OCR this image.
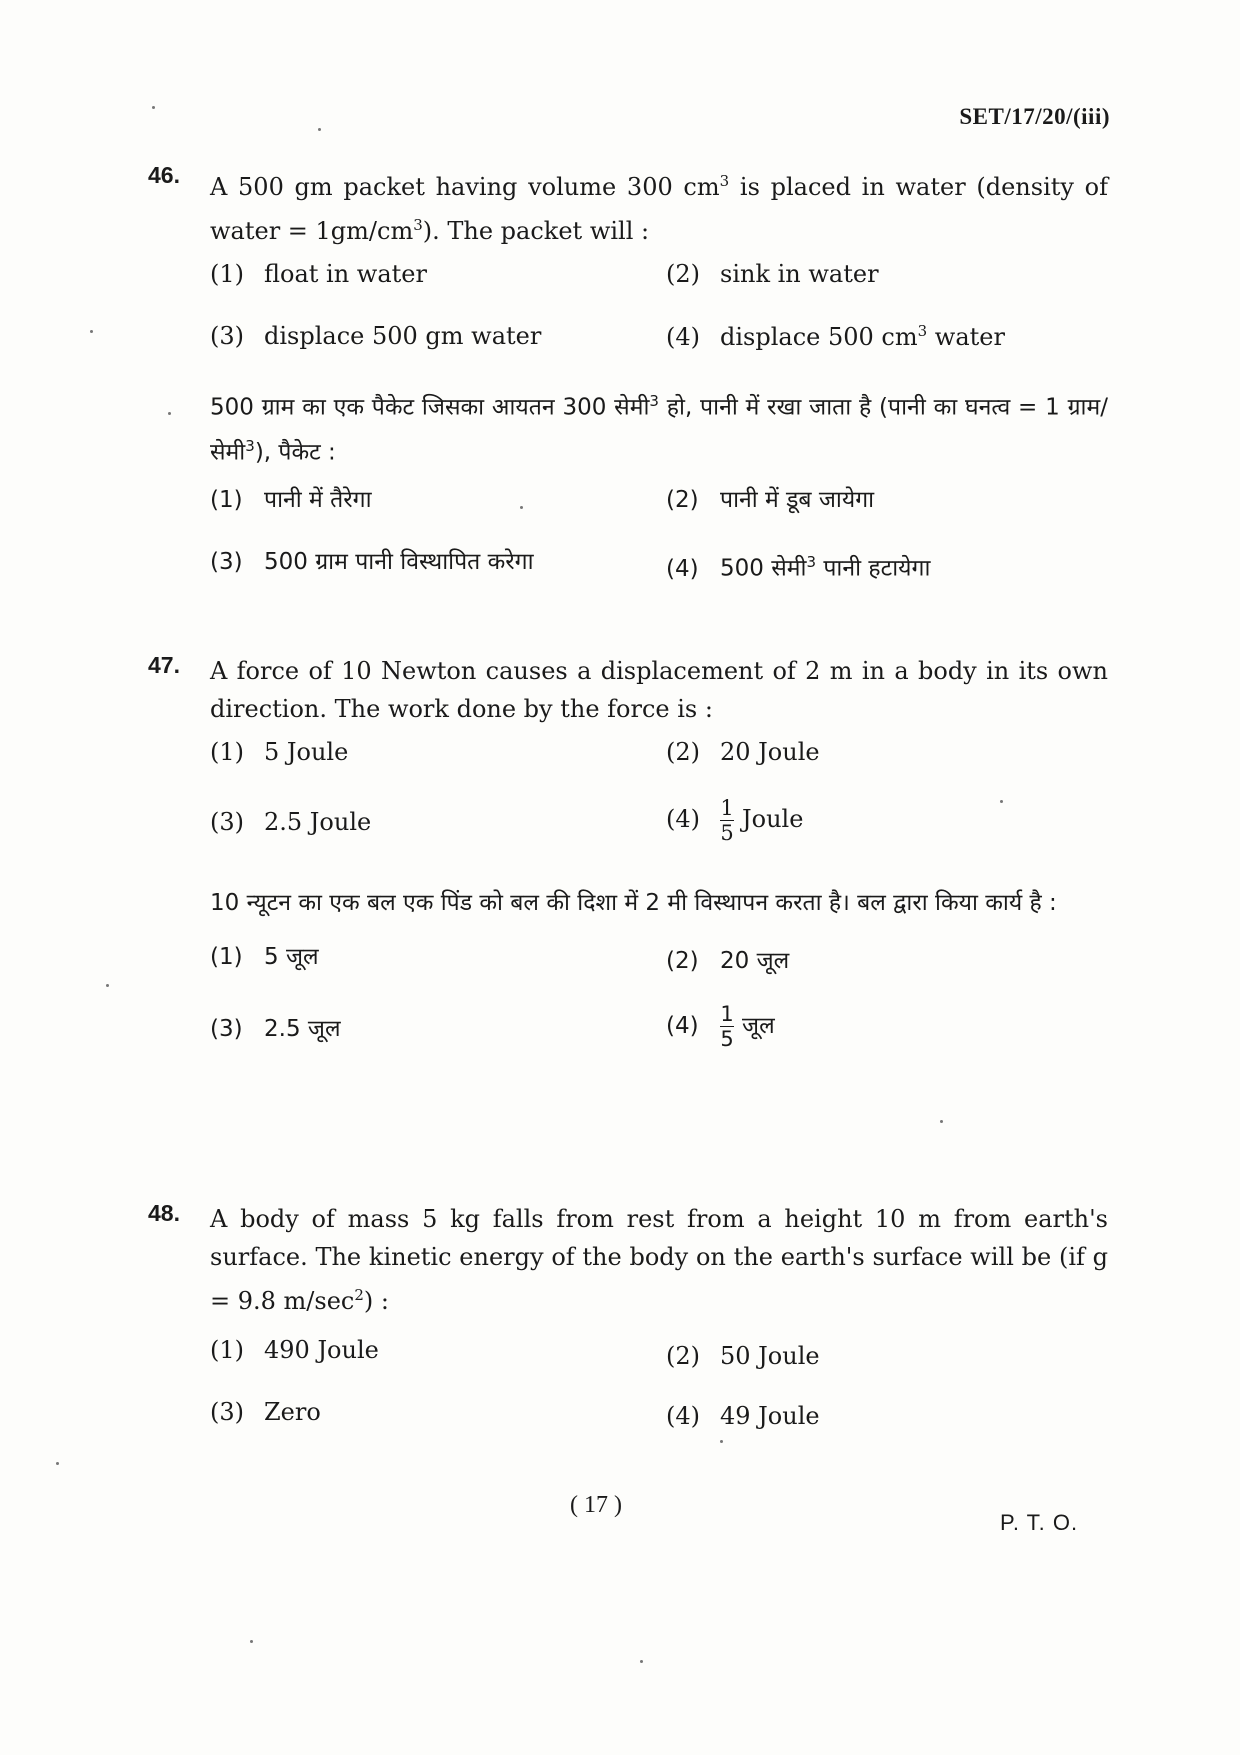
SET/17/20/(iii)
46. A 500 gm packet having volume 300 $cm^3$ is placed in water (density of water = $1gm/cm^3$). The packet will :
(1) float in water	(2) sink in water
(3) displace 500 gm water	(4) displace 500 $cm^3$ water
500 ग्राम का एक पैकेट जिसका आयतन 300 सेमी$^3$ हो, पानी में रखा जाता है (पानी का घनत्व = 1 ग्राम/सेमी$^3$), पैकेट :
(1) पानी में तैरेगा	(2) पानी में डूब जायेगा
(3) 500 ग्राम पानी विस्थापित करेगा	(4) 500 सेमी$^3$ पानी हटायेगा
47. A force of 10 Newton causes a displacement of 2 m in a body in its own direction. The work done by the force is :
(1) 5 Joule	(2) 20 Joule
(3) 2.5 Joule	$(4) \frac{1}{5}$ Joule
10 न्यूटन का एक बल एक पिंड को बल की दिशा में 2 मी विस्थापन करता है। बल द्वारा किया कार्य है :
(1) 5 जूल	(2) 20 जूल
(3) 2.5 जूल	$(4) \frac{1}{5}$ जूल
48. A body of mass 5 kg falls from rest from a height 10 m from earth's surface. The kinetic energy of the body on the earth's surface will be (if g = 9.8 $m/\sec^2$) :
(1) 490 Joule	(2) 50 Joule
(3) Zero	(4) 49 Joule
( 17 )
P. T. O.
